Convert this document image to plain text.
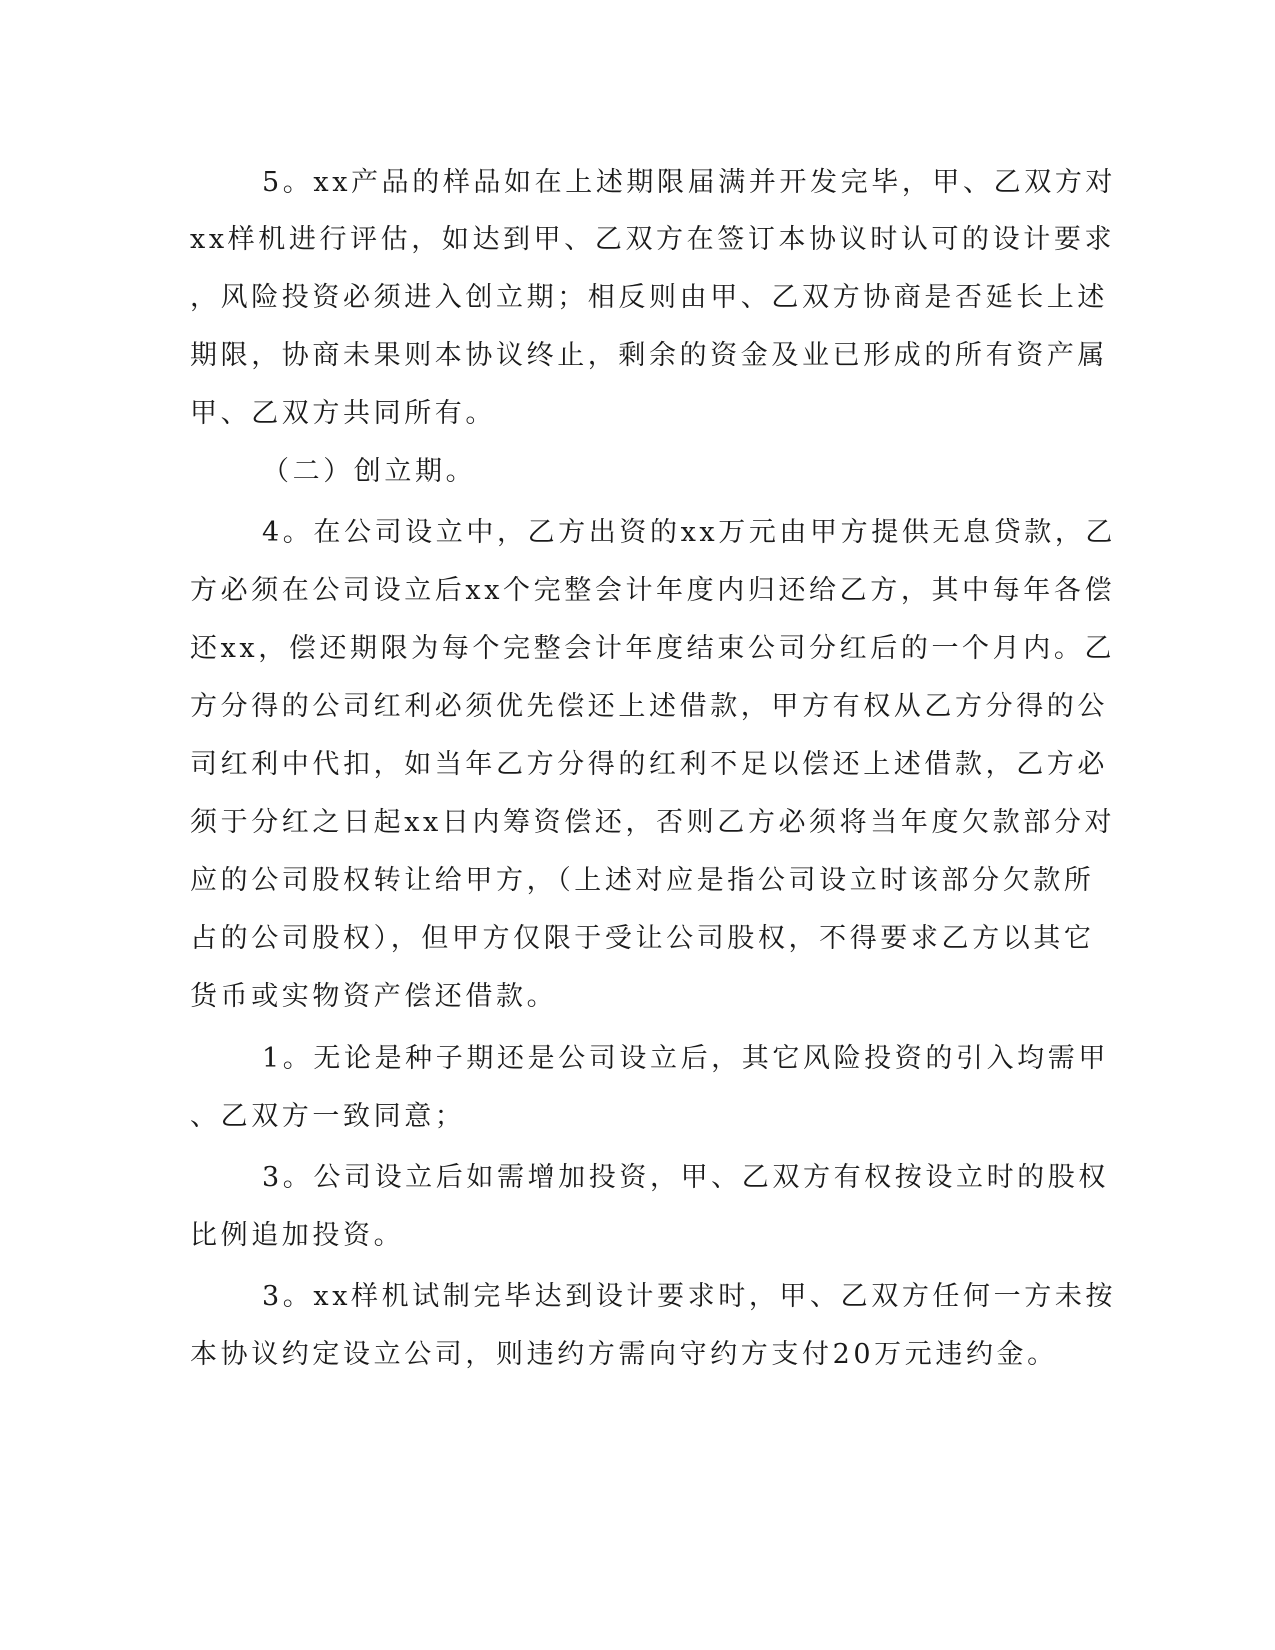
5。xx产品的样品如在上述期限届满并开发完毕，甲、乙双方对
xx样机进行评估，如达到甲、乙双方在签订本协议时认可的设计要求
，风险投资必须进入创立期；相反则由甲、乙双方协商是否延长上述
期限，协商未果则本协议终止，剩余的资金及业已形成的所有资产属
甲、乙双方共同所有。
（二）创立期。
4。在公司设立中，乙方出资的xx万元由甲方提供无息贷款，乙
方必须在公司设立后xx个完整会计年度内归还给乙方，其中每年各偿
还xx，偿还期限为每个完整会计年度结束公司分红后的一个月内。乙
方分得的公司红利必须优先偿还上述借款，甲方有权从乙方分得的公
司红利中代扣，如当年乙方分得的红利不足以偿还上述借款，乙方必
须于分红之日起xx日内筹资偿还，否则乙方必须将当年度欠款部分对
应的公司股权转让给甲方，（上述对应是指公司设立时该部分欠款所
占的公司股权），但甲方仅限于受让公司股权，不得要求乙方以其它
货币或实物资产偿还借款。
1。无论是种子期还是公司设立后，其它风险投资的引入均需甲
、乙双方一致同意；
3。公司设立后如需增加投资，甲、乙双方有权按设立时的股权
比例追加投资。
3。xx样机试制完毕达到设计要求时，甲、乙双方任何一方未按
本协议约定设立公司，则违约方需向守约方支付20万元违约金。
